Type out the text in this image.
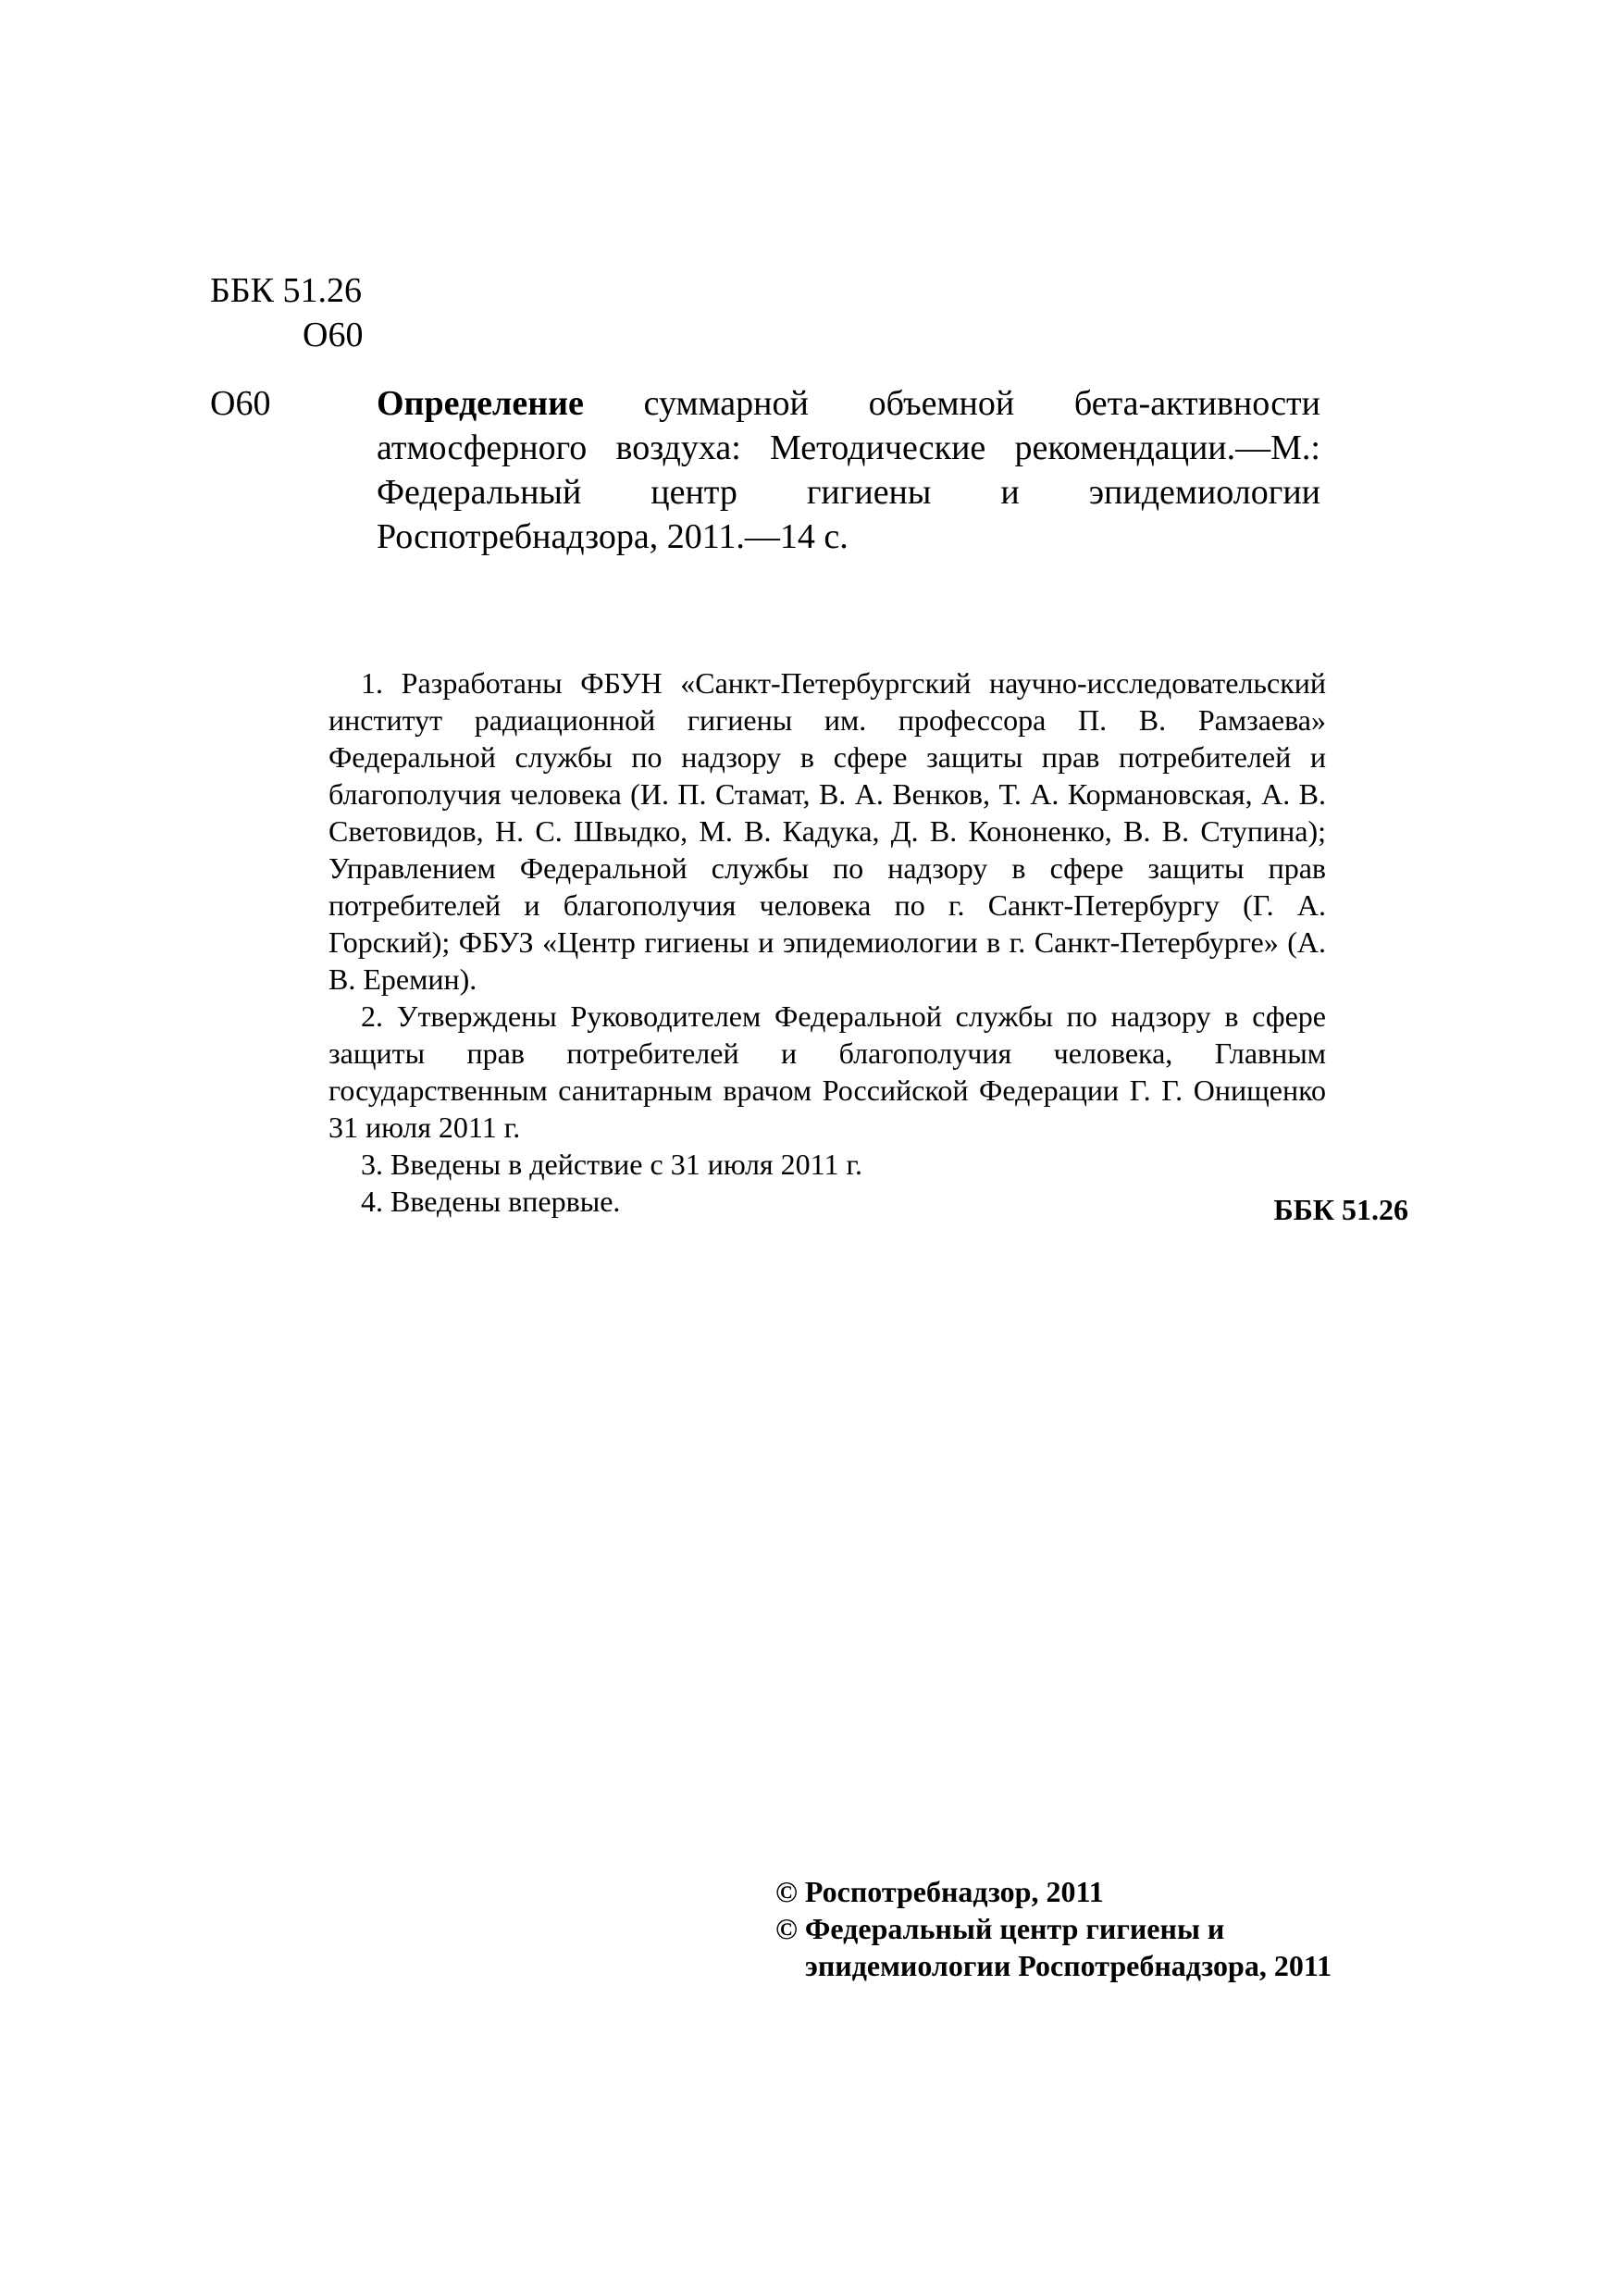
ББК 51.26
О60
О60	Определение суммарной объемной бета-активности атмосферного воздуха: Методические рекомендации.—М.: Федеральный центр гигиены и эпидемиологии Роспотребнадзора, 2011.—14 с.

1. Разработаны ФБУН «Санкт-Петербургский научно-исследовательский институт радиационной гигиены им. профессора П. В. Рамзаева» Федеральной службы по надзору в сфере защиты прав потребителей и благополучия человека (И. П. Стамат, В. А. Венков, Т. А. Кормановская, А. В. Световидов, Н. С. Швыдко, М. В. Кадука, Д. В. Кононенко, В. В. Ступина); Управлением Федеральной службы по надзору в сфере защиты прав потребителей и благополучия человека по г. Санкт-Петербургу (Г. А. Горский); ФБУЗ «Центр гигиены и эпидемиологии в г. Санкт-Петербурге» (А. В. Еремин).

2. Утверждены Руководителем Федеральной службы по надзору в сфере защиты прав потребителей и благополучия человека, Главным государственным санитарным врачом Российской Федерации Г. Г. Онищенко 31 июля 2011 г.

3. Введены в действие с 31 июля 2011 г.

4. Введены впервые.	ББК 51.26

© Роспотребнадзор, 2011

© Федеральный центр гигиены и

эпидемиологии Роспотребнадзора, 2011
